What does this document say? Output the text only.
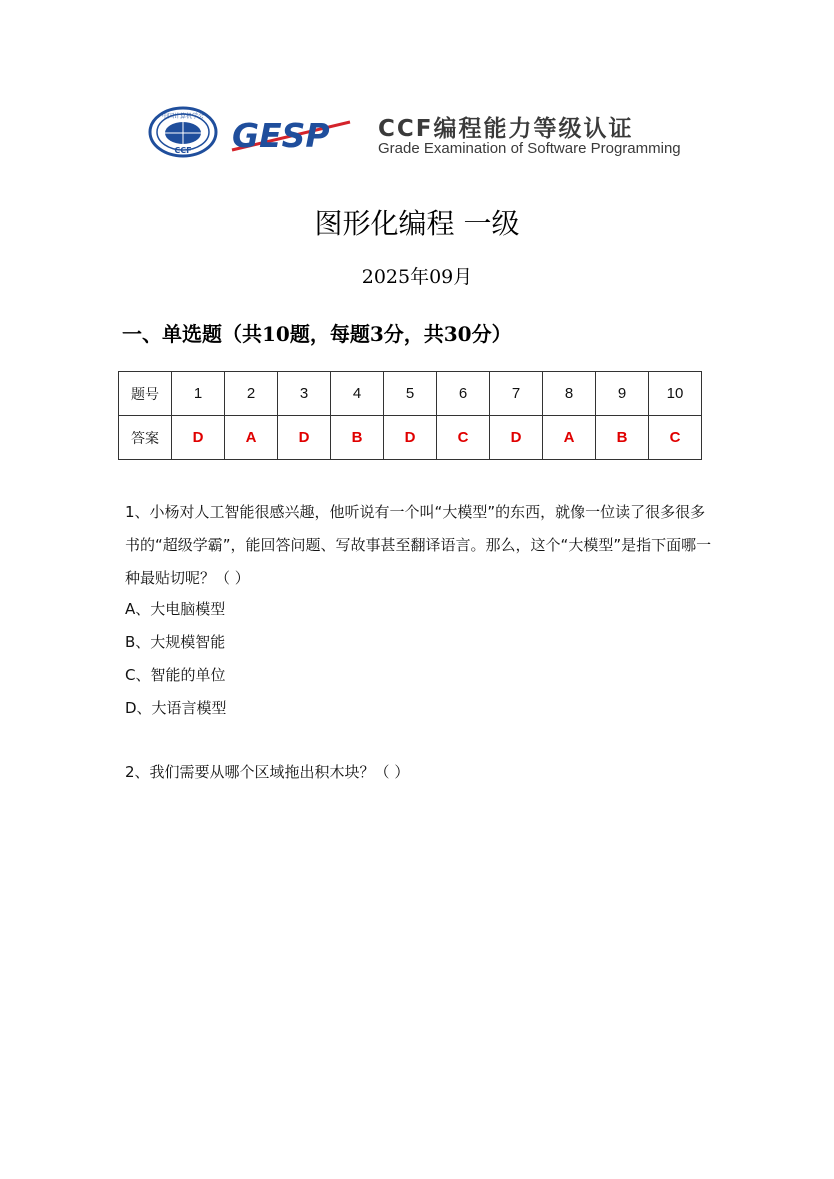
中国计算机学会
CCF GESP CCF编程能力等级认证
Grade Examination of Software Programming
图形化编程 一级
2025年09月
一、单选题（共10题，每题3分，共30分）
题号	1	2	3	4	5	6	7	8	9	10
答案	D	A	D	B	D	C	D	A	B	C
1、小杨对人工智能很感兴趣，他听说有一个叫“大模型”的东西，就像一位读了很多很多书的“超级学霸”，能回答问题、写故事甚至翻译语言。那么，这个“大模型”是指下面哪一种最贴切呢？（ ）
A、大电脑模型
B、大规模智能
C、智能的单位
D、大语言模型
2、我们需要从哪个区域拖出积木块？（ ）
